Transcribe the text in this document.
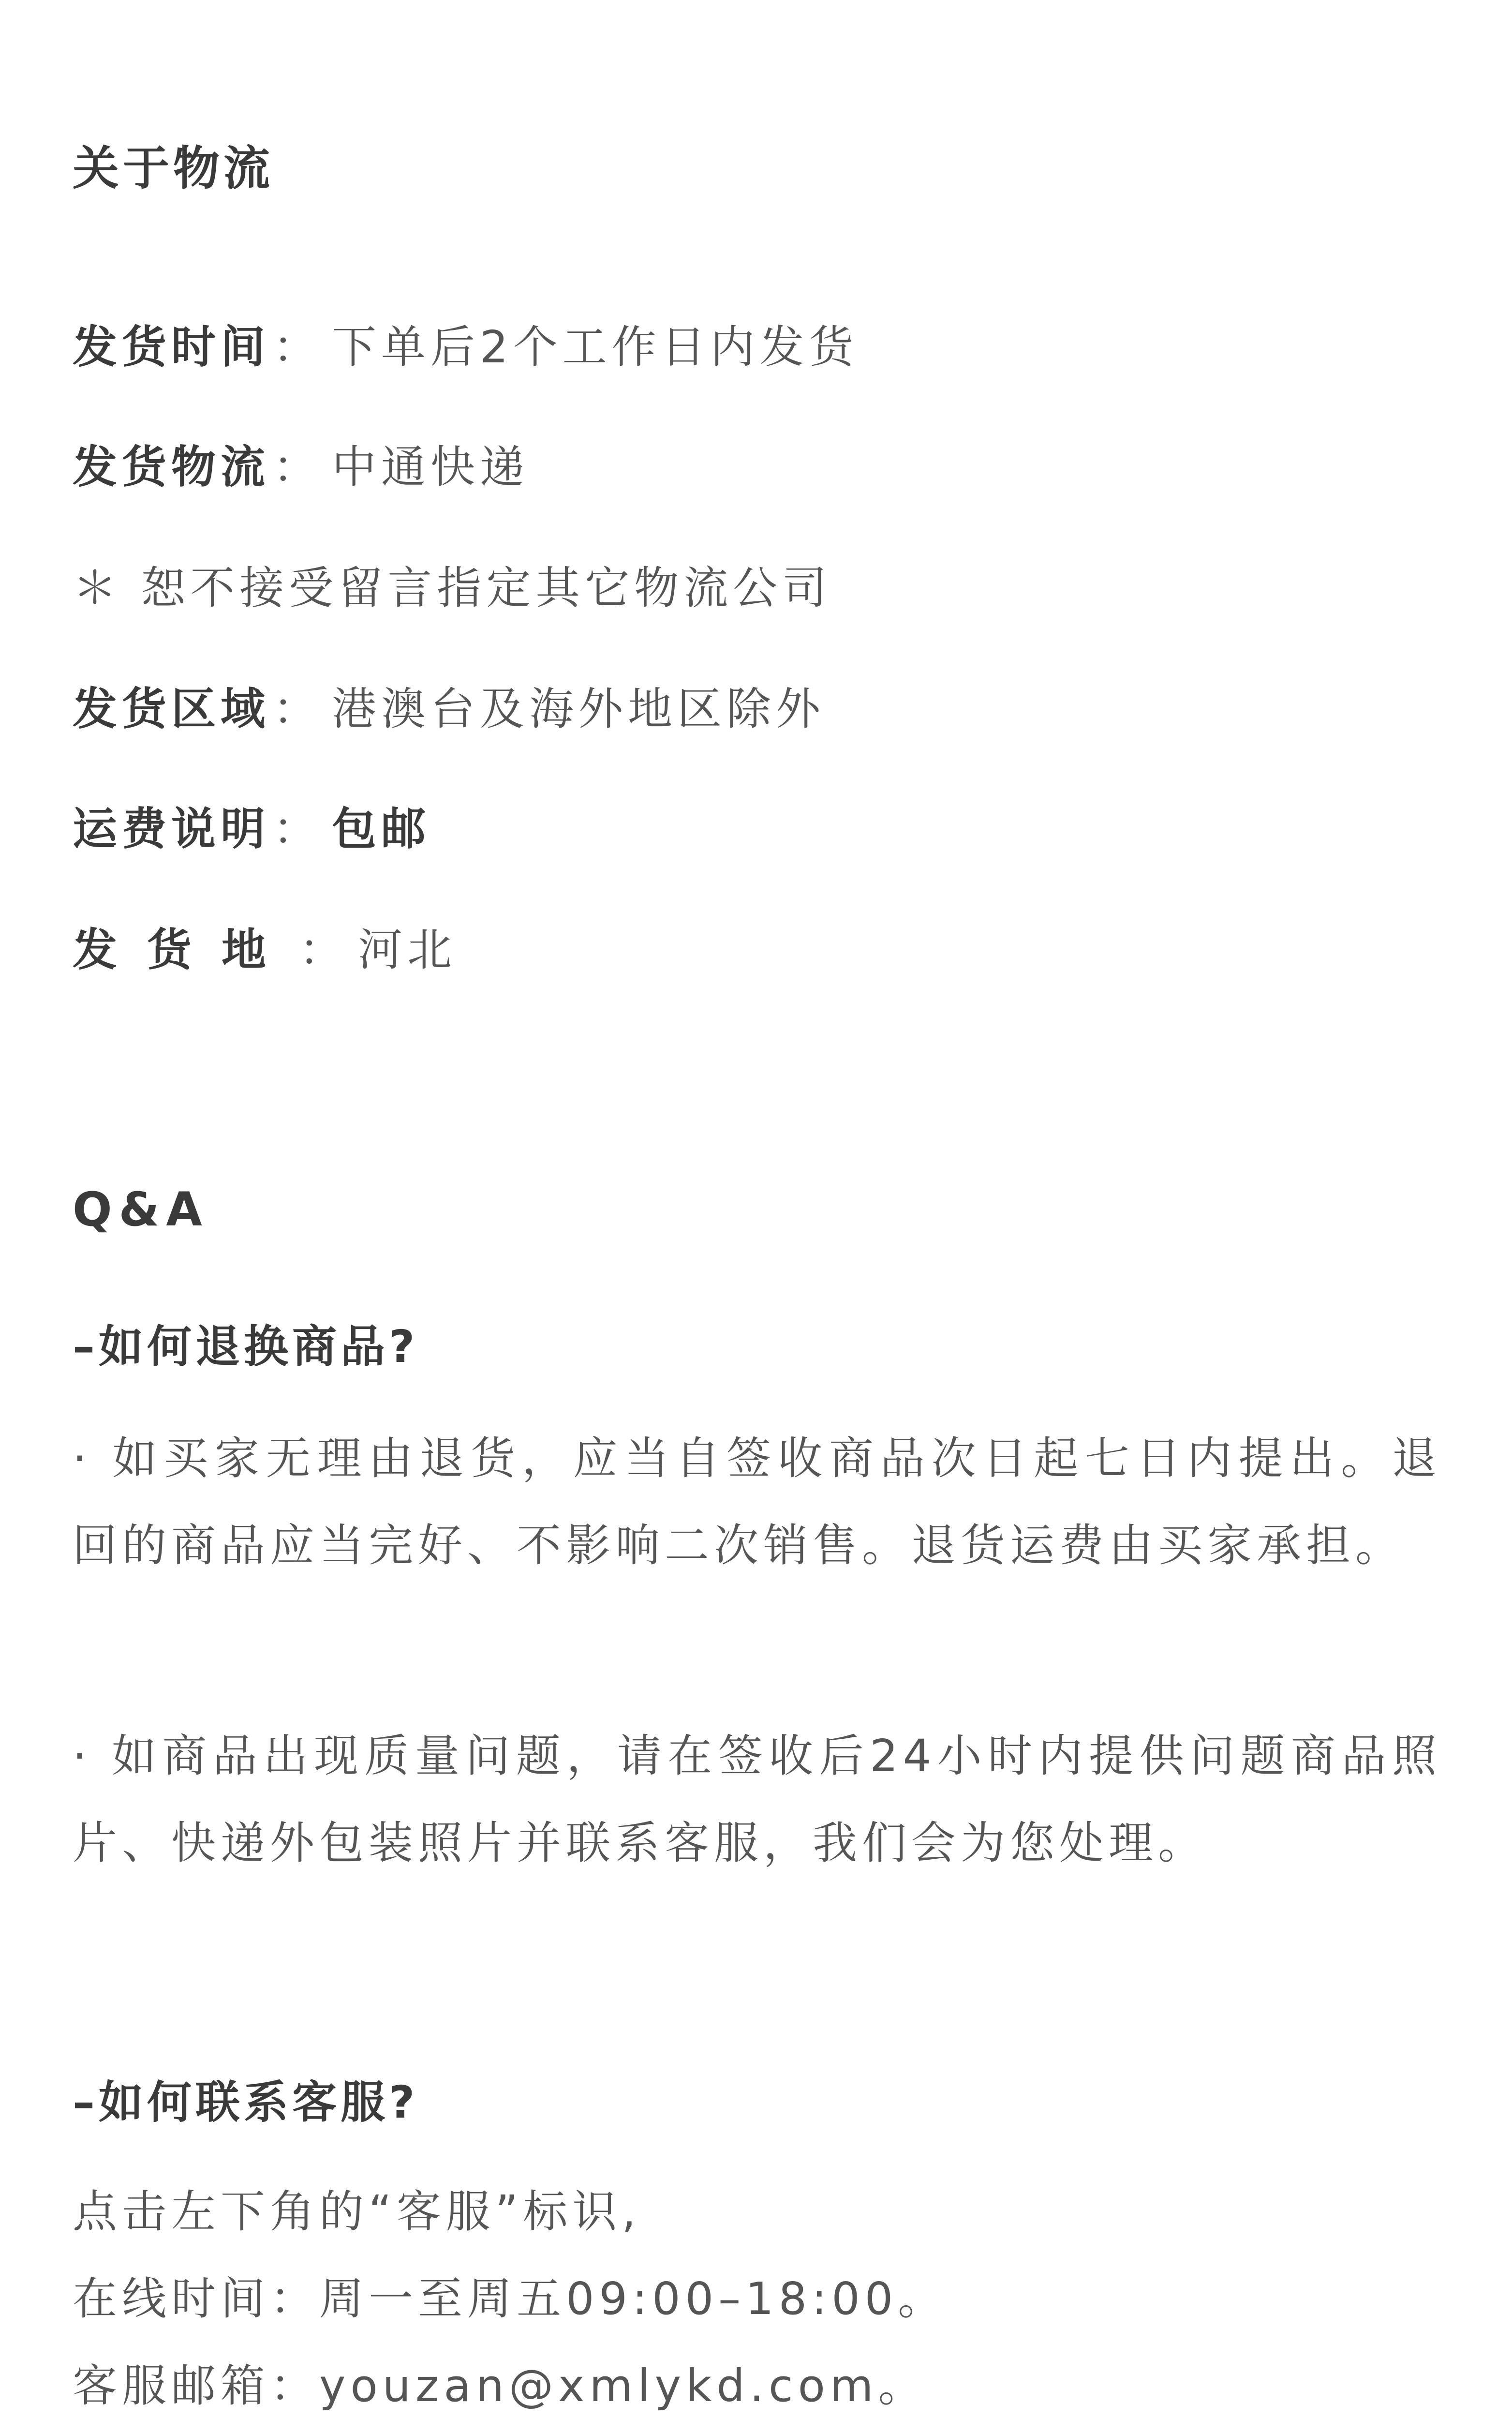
关于物流
发货时间： 下单后2个工作日内发货
发货物流： 中通快递
＊ 恕不接受留言指定其它物流公司
发货区域： 港澳台及海外地区除外
运费说明： 包邮
发货地： 河北
Q&A
–如何退换商品?
· 如买家无理由退货，应当自签收商品次日起七日内提出。退回的商品应当完好、不影响二次销售。退货运费由买家承担。
· 如商品出现质量问题，请在签收后24小时内提供问题商品照片、快递外包装照片并联系客服，我们会为您处理。
–如何联系客服?
点击左下角的“客服”标识,
在线时间：周一至周五09:00–18:00。
客服邮箱：youzan@xmlykd.com。
